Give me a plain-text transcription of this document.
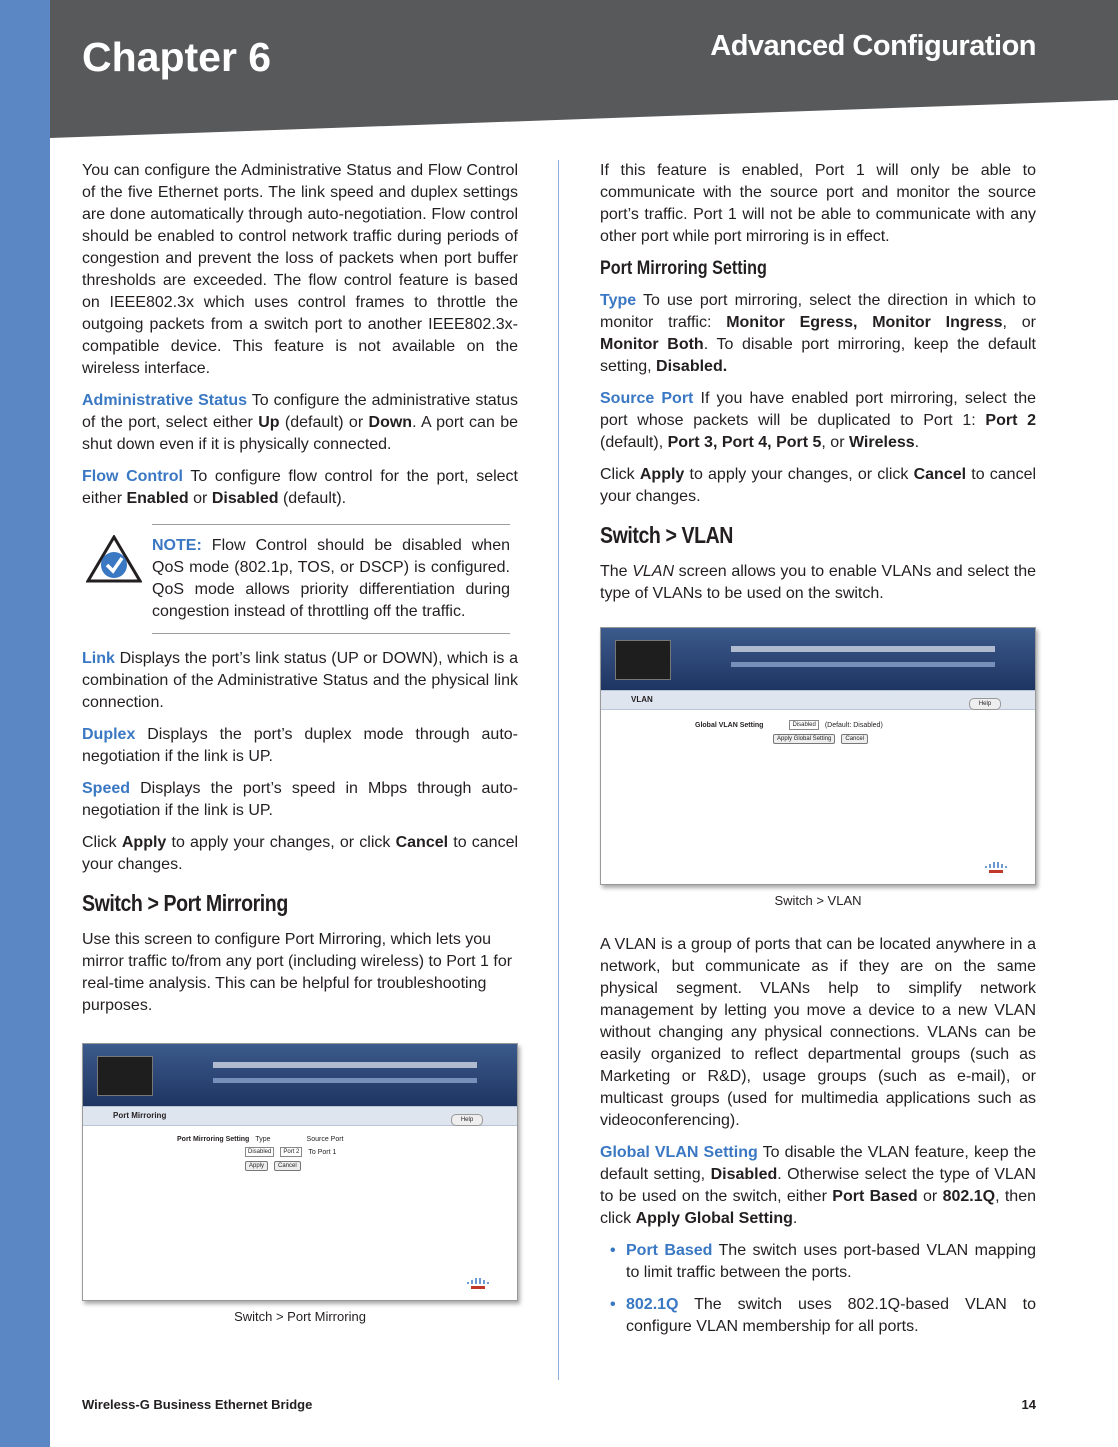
Chapter 6	Advanced Configuration

You can configure the Administrative Status and Flow Control of the five Ethernet ports. The link speed and duplex settings are done automatically through auto-negotiation. Flow control should be enabled to control network traffic during periods of congestion and prevent the loss of packets when port buffer thresholds are exceeded. The flow control feature is based on IEEE802.3x which uses control frames to throttle the outgoing packets from a switch port to another IEEE802.3x-compatible device. This feature is not available on the wireless interface.

Administrative Status To configure the administrative status of the port, select either Up (default) or Down. A port can be shut down even if it is physically connected.

Flow Control To configure flow control for the port, select either Enabled or Disabled (default).

NOTE: Flow Control should be disabled when QoS mode (802.1p, TOS, or DSCP) is configured. QoS mode allows priority differentiation during congestion instead of throttling off the traffic.

Link Displays the port’s link status (UP or DOWN), which is a combination of the Administrative Status and the physical link connection.

Duplex Displays the port’s duplex mode through auto-negotiation if the link is UP.

Speed Displays the port’s speed in Mbps through auto-negotiation if the link is UP.

Click Apply to apply your changes, or click Cancel to cancel your changes.

Switch > Port Mirroring

Use this screen to configure Port Mirroring, which lets you mirror traffic to/from any port (including wireless) to Port 1 for real-time analysis. This can be helpful for troubleshooting purposes.

Port Mirroring	Help
Port Mirroring Setting Type	Source Port
Disabled	Port 2	To Port 1
Apply	Cancel
Switch > Port Mirroring

If this feature is enabled, Port 1 will only be able to communicate with the source port and monitor the source port’s traffic. Port 1 will not be able to communicate with any other port while port mirroring is in effect.

Port Mirroring Setting

Type To use port mirroring, select the direction in which to monitor traffic: Monitor Egress, Monitor Ingress, or Monitor Both. To disable port mirroring, keep the default setting, Disabled.

Source Port If you have enabled port mirroring, select the port whose packets will be duplicated to Port 1: Port 2 (default), Port 3, Port 4, Port 5, or Wireless.

Click Apply to apply your changes, or click Cancel to cancel your changes.

Switch > VLAN

The VLAN screen allows you to enable VLANs and select the type of VLANs to be used on the switch.

VLAN	Help
Global VLAN Setting	Disabled	(Default: Disabled)
Apply Global Setting	Cancel
Switch > VLAN

A VLAN is a group of ports that can be located anywhere in a network, but communicate as if they are on the same physical segment. VLANs help to simplify network management by letting you move a device to a new VLAN without changing any physical connections. VLANs can be easily organized to reflect departmental groups (such as Marketing or R&D), usage groups (such as e-mail), or multicast groups (used for multimedia applications such as videoconferencing).

Global VLAN Setting To disable the VLAN feature, keep the default setting, Disabled. Otherwise select the type of VLAN to be used on the switch, either Port Based or 802.1Q, then click Apply Global Setting.

• Port Based The switch uses port-based VLAN mapping to limit traffic between the ports.
• 802.1Q The switch uses 802.1Q-based VLAN to configure VLAN membership for all ports.
Wireless-G Business Ethernet Bridge	14
